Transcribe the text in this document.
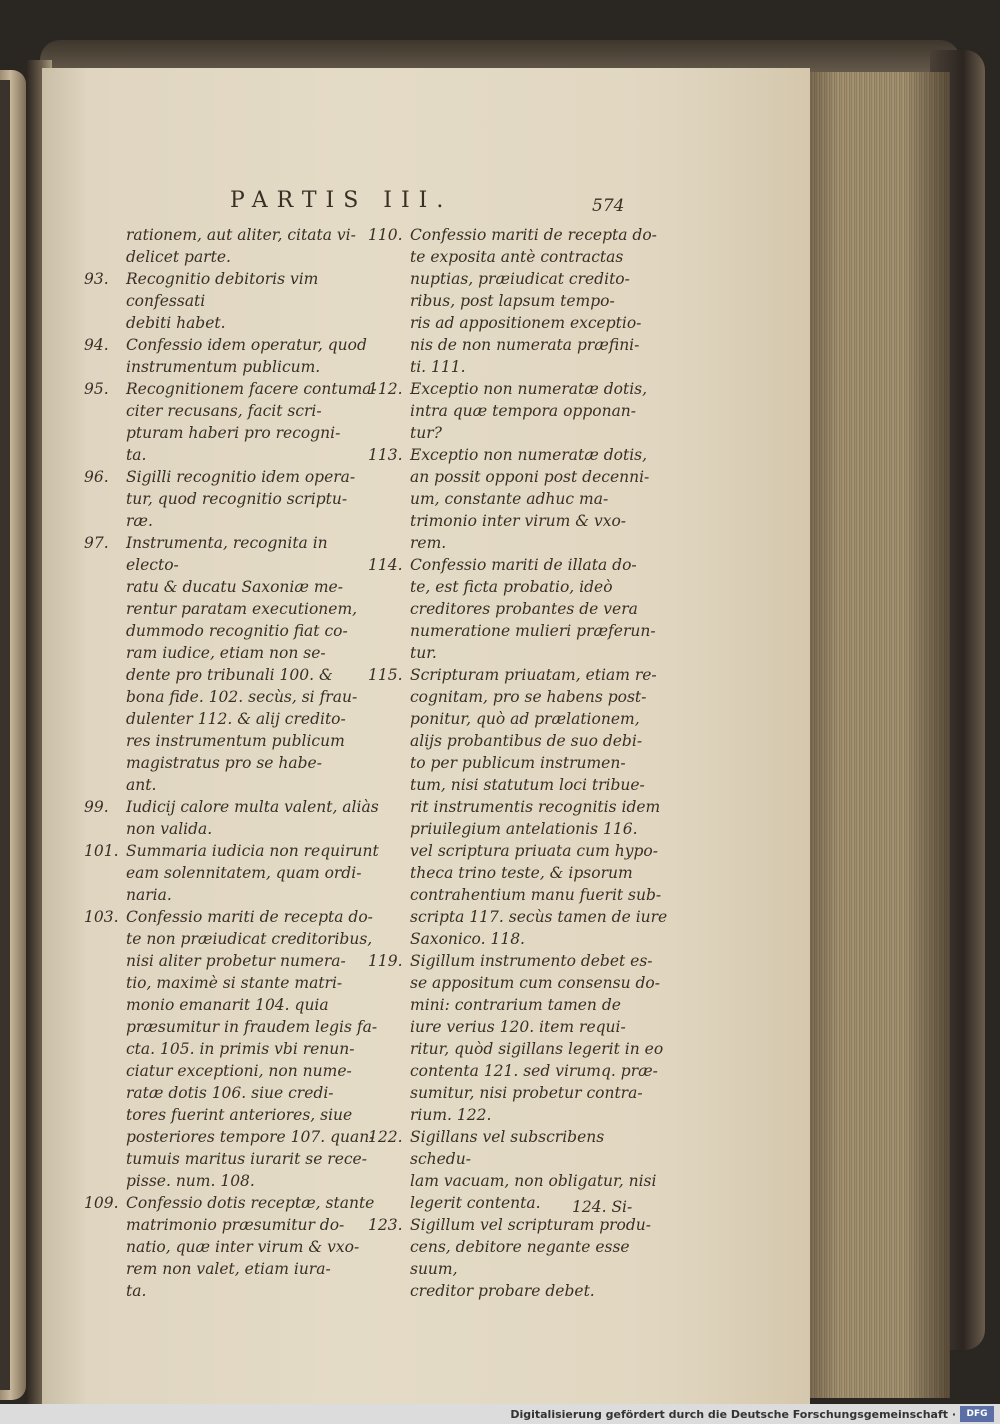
PARTIS III.	574
rationem, aut aliter, citata vi-
delicet parte.
93.	Recognitio debitoris vim confessati
debiti habet.
94.	Confessio idem operatur, quod
instrumentum publicum.
95.	Recognitionem facere contuma-
citer recusans, facit scri-
pturam haberi pro recogni-
ta.
96.	Sigilli recognitio idem opera-
tur, quod recognitio scriptu-
ræ.
97.	Instrumenta, recognita in electo-
ratu & ducatu Saxoniæ me-
rentur paratam executionem,
dummodo recognitio fiat co-
ram iudice, etiam non se-
dente pro tribunali 100. &
bona fide. 102. secùs, si frau-
dulenter 112. & alij credito-
res instrumentum publicum
magistratus pro se habe-
ant.
99.	Iudicij calore multa valent, aliàs
non valida.
101. Summaria iudicia non requirunt
eam solennitatem, quam ordi-
naria.
103. Confessio mariti de recepta do-
te non præiudicat creditoribus,
nisi aliter probetur numera-
tio, maximè si stante matri-
monio emanarit 104. quia
præsumitur in fraudem legis fa-
cta. 105. in primis vbi renun-
ciatur exceptioni, non nume-
ratæ dotis 106. siue credi-
tores fuerint anteriores, siue
posteriores tempore 107. quan-
tumuis maritus iurarit se rece-
pisse. num. 108.
109. Confessio dotis receptæ, stante
matrimonio præsumitur do-
natio, quæ inter virum & vxo-
rem non valet, etiam iura-
ta.
110. Confessio mariti de recepta do-
te exposita antè contractas
nuptias, præiudicat credito-
ribus, post lapsum tempo-
ris ad appositionem exceptio-
nis de non numerata præfini-
ti. 111.
112. Exceptio non numeratæ dotis,
intra quæ tempora opponan-
tur?
113. Exceptio non numeratæ dotis,
an possit opponi post decenni-
um, constante adhuc ma-
trimonio inter virum & vxo-
rem.
114. Confessio mariti de illata do-
te, est ficta probatio, ideò
creditores probantes de vera
numeratione mulieri præferun-
tur.
115. Scripturam priuatam, etiam re-
cognitam, pro se habens post-
ponitur, quò ad prælationem,
alijs probantibus de suo debi-
to per publicum instrumen-
tum, nisi statutum loci tribue-
rit instrumentis recognitis idem
priuilegium antelationis 116.
vel scriptura priuata cum hypo-
theca trino teste, & ipsorum
contrahentium manu fuerit sub-
scripta 117. secùs tamen de iure
Saxonico. 118.
119. Sigillum instrumento debet es-
se appositum cum consensu do-
mini: contrarium tamen de
iure verius 120. item requi-
ritur, quòd sigillans legerit in eo
contenta 121. sed virumq. præ-
sumitur, nisi probetur contra-
rium. 122.
122. Sigillans vel subscribens schedu-
lam vacuam, non obligatur, nisi
legerit contenta.
123. Sigillum vel scripturam produ-
cens, debitore negante esse suum,
creditor probare debet.
124. Si-
Digitalisierung gefördert durch die Deutsche Forschungsgemeinschaft ·	DFG
